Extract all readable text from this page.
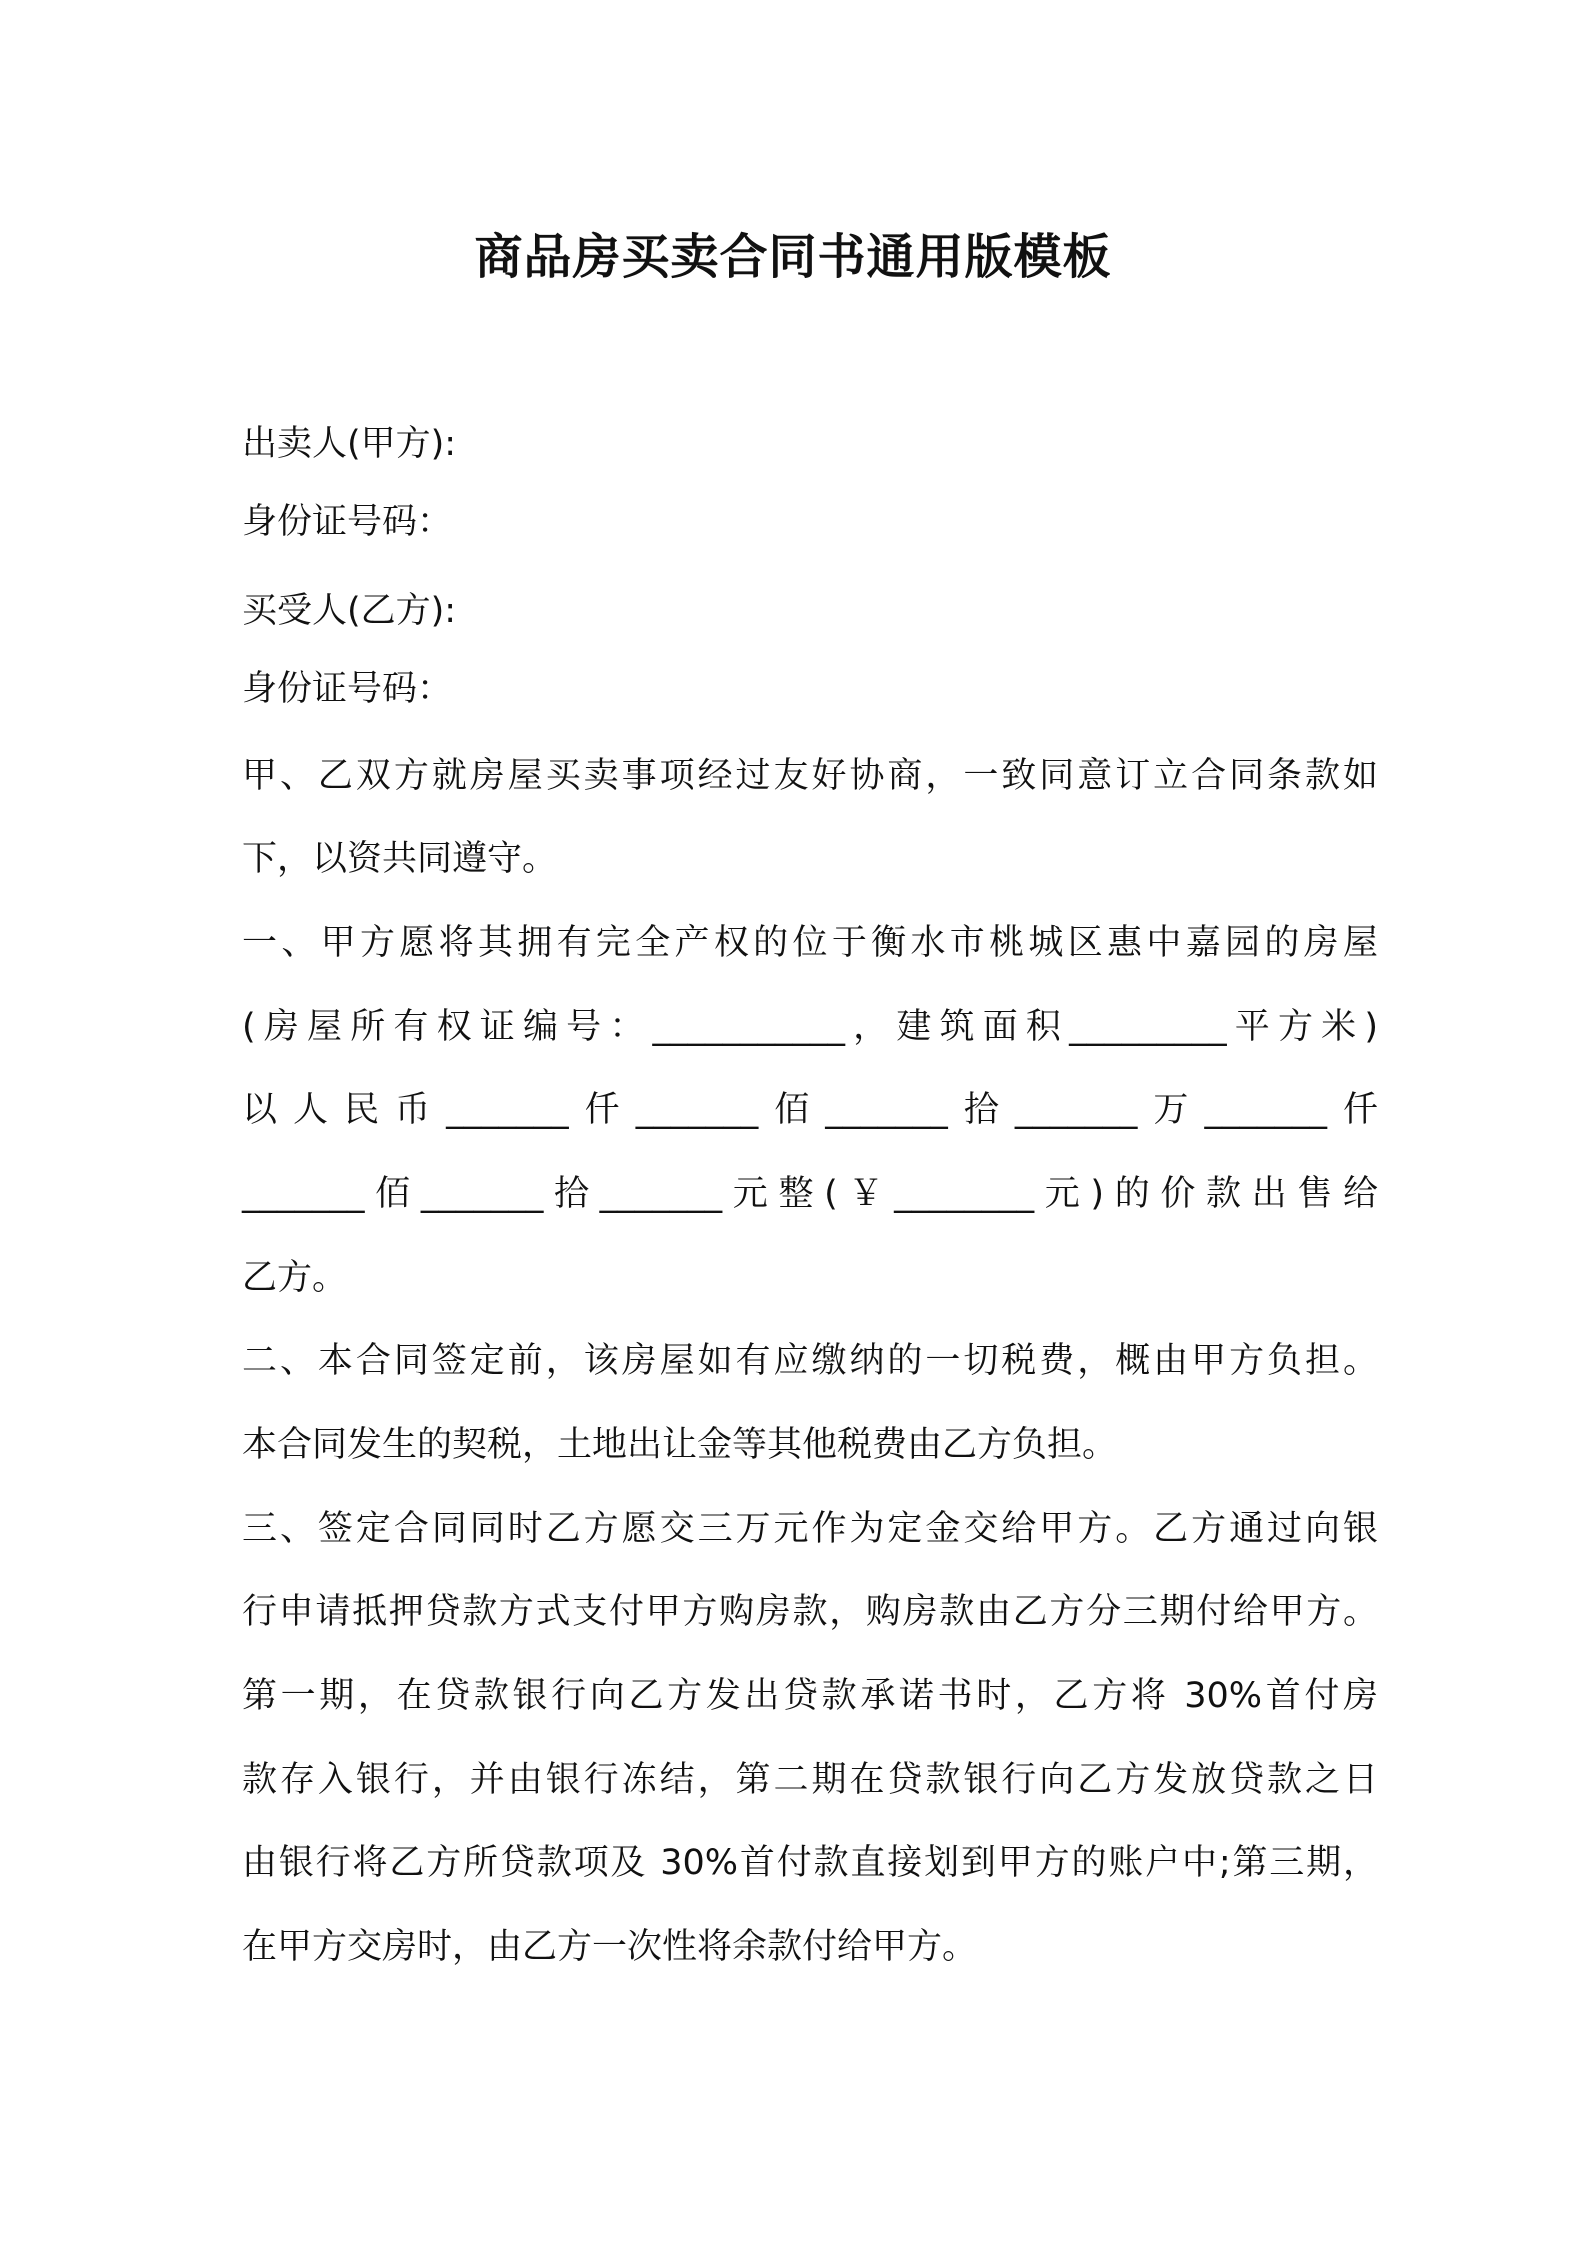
商品房买卖合同书通用版模板
出卖人(甲方):
身份证号码：
买受人(乙方):
身份证号码：
甲、乙双方就房屋买卖事项经过友好协商，一致同意订立合同条款如
下，以资共同遵守。
一、甲方愿将其拥有完全产权的位于衡水市桃城区惠中嘉园的房屋
(房屋所有权证编号：___________，建筑面积_________平方米)
以人民币_______仟_______佰_______拾_______万_______仟
_______佰_______拾_______元整(￥________元)的价款出售给
乙方。
二、本合同签定前，该房屋如有应缴纳的一切税费，概由甲方负担。
本合同发生的契税，土地出让金等其他税费由乙方负担。
三、签定合同同时乙方愿交三万元作为定金交给甲方。乙方通过向银
行申请抵押贷款方式支付甲方购房款，购房款由乙方分三期付给甲方。
第一期，在贷款银行向乙方发出贷款承诺书时，乙方将 30%首付房
款存入银行，并由银行冻结，第二期在贷款银行向乙方发放贷款之日
由银行将乙方所贷款项及 30%首付款直接划到甲方的账户中;第三期，
在甲方交房时，由乙方一次性将余款付给甲方。
